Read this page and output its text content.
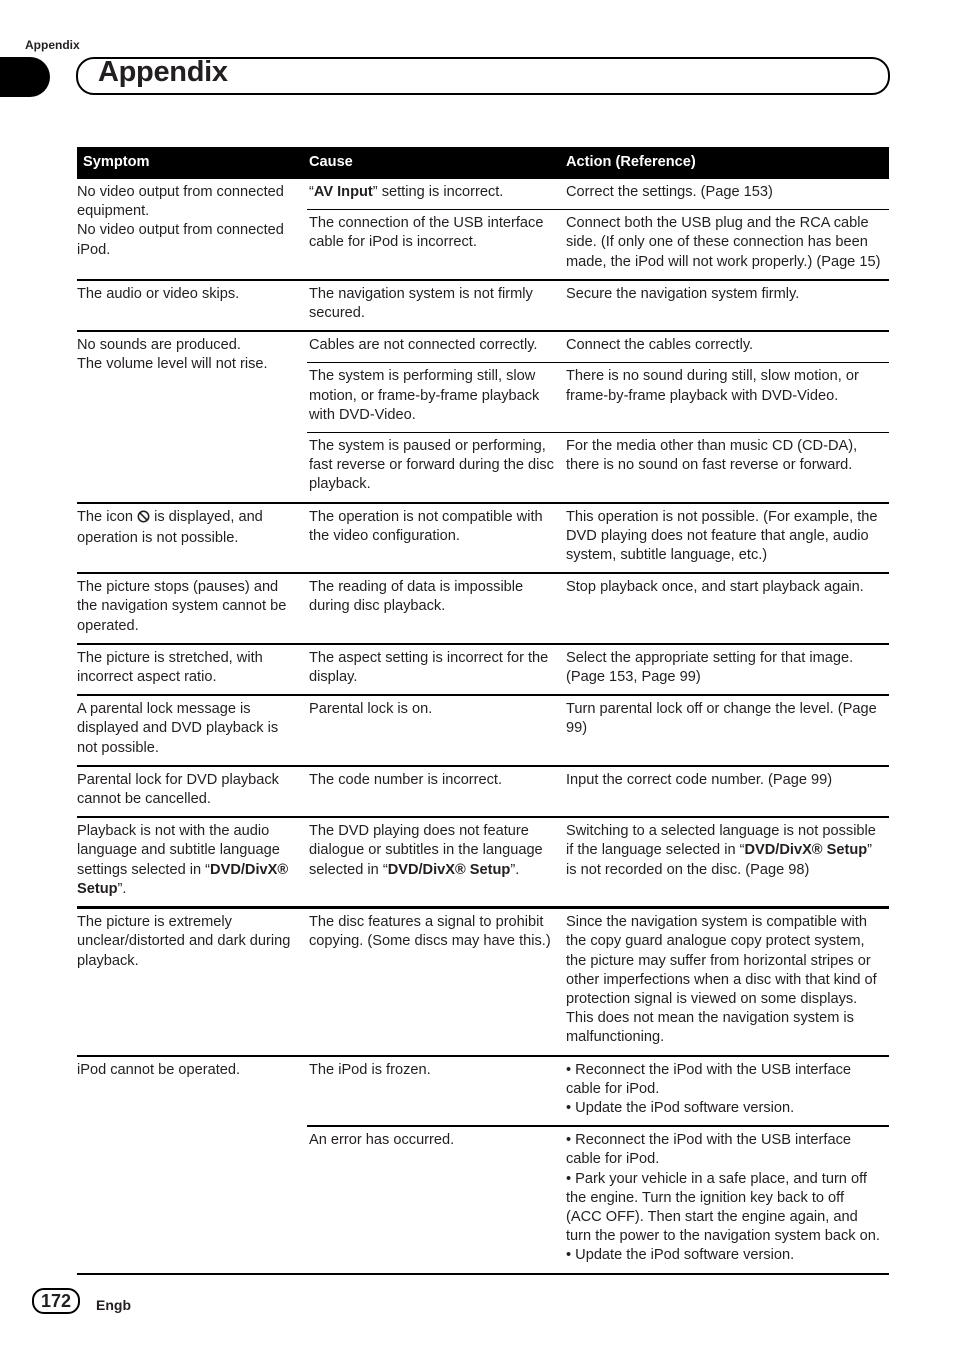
Appendix
Appendix
Symptom	Cause	Action (Reference)

No video output from connected equipment.
No video output from connected iPod.	“AV Input” setting is incorrect.	Correct the settings. (Page 153)
	The connection of the USB interface cable for iPod is incorrect.	Connect both the USB plug and the RCA cable side. (If only one of these connection has been made, the iPod will not work properly.) (Page 15)
The audio or video skips.	The navigation system is not firmly secured.	Secure the navigation system firmly.

No sounds are produced.
The volume level will not rise.	Cables are not connected correctly.	Connect the cables correctly.
	The system is performing still, slow motion, or frame-by-frame playback with DVD-Video.	There is no sound during still, slow motion, or frame-by-frame playback with DVD-Video.
	The system is paused or performing, fast reverse or forward during the disc playback.	For the media other than music CD (CD-DA), there is no sound on fast reverse or forward.
The icon  is displayed, and operation is not possible.	The operation is not compatible with the video configuration.	This operation is not possible. (For example, the DVD playing does not feature that angle, audio system, subtitle language, etc.)
The picture stops (pauses) and the navigation system cannot be operated.	The reading of data is impossible during disc playback.	Stop playback once, and start playback again.
The picture is stretched, with incorrect aspect ratio.	The aspect setting is incorrect for the display.	Select the appropriate setting for that image. (Page 153, Page 99)
A parental lock message is displayed and DVD playback is not possible.	Parental lock is on.	Turn parental lock off or change the level. (Page 99)
Parental lock for DVD playback cannot be cancelled.	The code number is incorrect.	Input the correct code number. (Page 99)
Playback is not with the audio language and subtitle language settings selected in “DVD/DivX® Setup”.	The DVD playing does not feature dialogue or subtitles in the language selected in “DVD/DivX® Setup”.	Switching to a selected language is not possible if the language selected in “DVD/DivX® Setup” is not recorded on the disc. (Page 98)
The picture is extremely unclear/distorted and dark during playback.	The disc features a signal to prohibit copying. (Some discs may have this.)	Since the navigation system is compatible with the copy guard analogue copy protect system, the picture may suffer from horizontal stripes or other imperfections when a disc with that kind of protection signal is viewed on some displays. This does not mean the navigation system is malfunctioning.
iPod cannot be operated.	The iPod is frozen.	• Reconnect the iPod with the USB interface cable for iPod.
• Update the iPod software version.

	An error has occurred.	• Reconnect the iPod with the USB interface cable for iPod.
• Park your vehicle in a safe place, and turn off the engine. Turn the ignition key back to off (ACC OFF). Then start the engine again, and turn the power to the navigation system back on.
• Update the iPod software version.
172	Engb
